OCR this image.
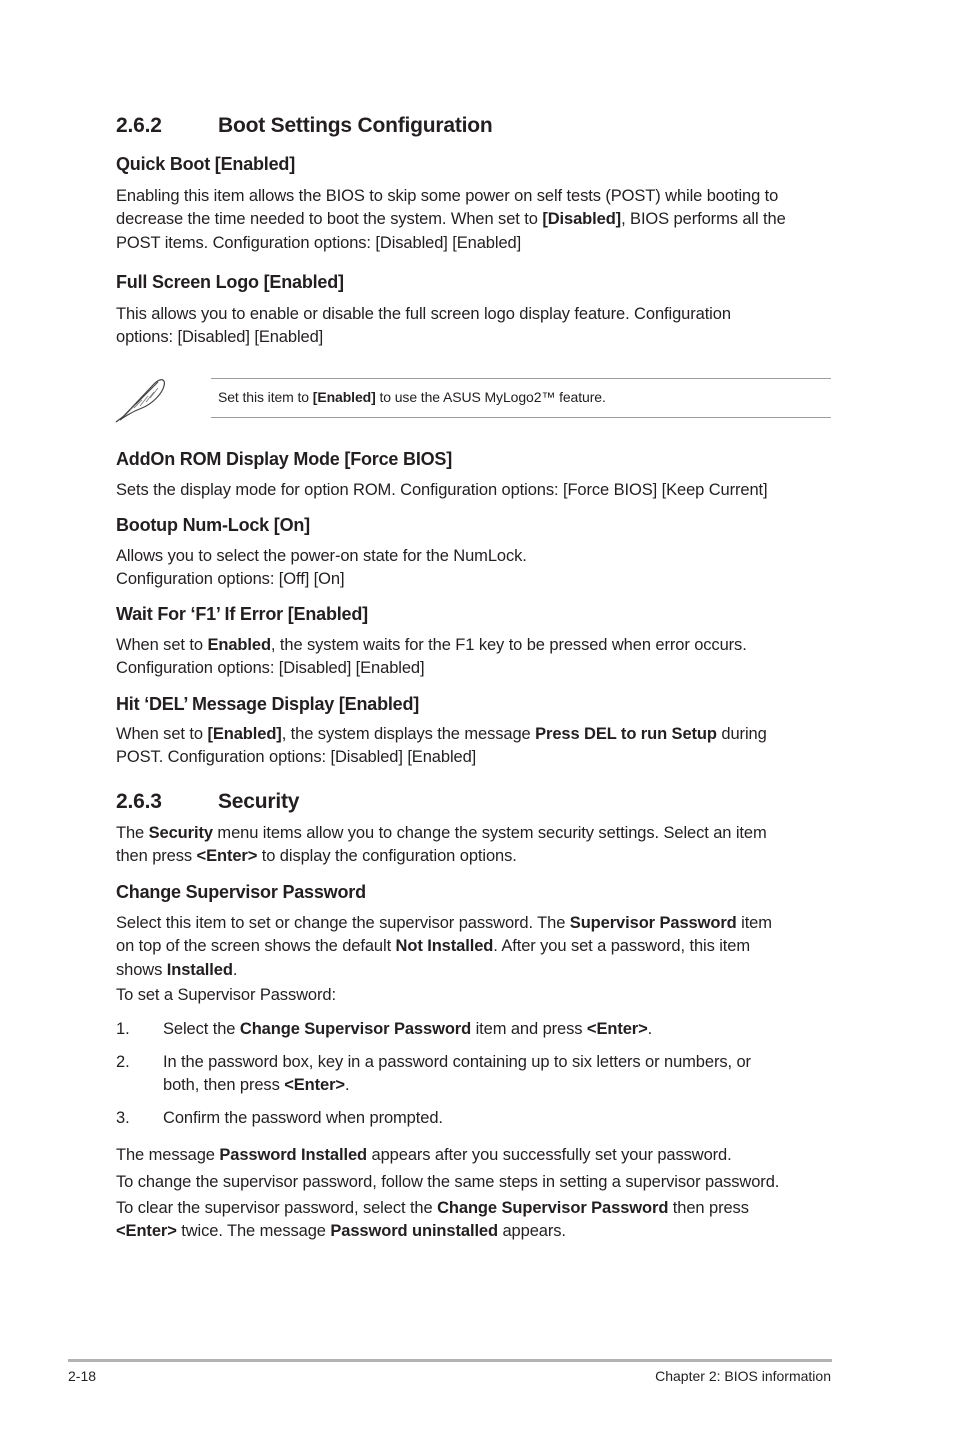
2.6.2	Boot Settings Configuration
Quick Boot [Enabled]

Enabling this item allows the BIOS to skip some power on self tests (POST) while booting to
decrease the time needed to boot the system. When set to [Disabled], BIOS performs all the
POST items. Configuration options: [Disabled] [Enabled]

Full Screen Logo [Enabled]

This allows you to enable or disable the full screen logo display feature. Configuration
options: [Disabled] [Enabled]

Set this item to [Enabled] to use the ASUS MyLogo2™ feature.
AddOn ROM Display Mode [Force BIOS]

Sets the display mode for option ROM. Configuration options: [Force BIOS] [Keep Current]

Bootup Num-Lock [On]

Allows you to select the power-on state for the NumLock.
Configuration options: [Off] [On]

Wait For ‘F1’ If Error [Enabled]

When set to Enabled, the system waits for the F1 key to be pressed when error occurs.
Configuration options: [Disabled] [Enabled]

Hit ‘DEL’ Message Display [Enabled]

When set to [Enabled], the system displays the message Press DEL to run Setup during
POST. Configuration options: [Disabled] [Enabled]

2.6.3	Security

The Security menu items allow you to change the system security settings. Select an item
then press <Enter> to display the configuration options.

Change Supervisor Password

Select this item to set or change the supervisor password. The Supervisor Password item
on top of the screen shows the default Not Installed. After you set a password, this item
shows Installed.

To set a Supervisor Password:

1. Select the Change Supervisor Password item and press <Enter>.
2. In the password box, key in a password containing up to six letters or numbers, or
both, then press <Enter>.
3. Confirm the password when prompted.

The message Password Installed appears after you successfully set your password.

To change the supervisor password, follow the same steps in setting a supervisor password.

To clear the supervisor password, select the Change Supervisor Password then press
<Enter> twice. The message Password uninstalled appears.

2-18	Chapter 2: BIOS information
